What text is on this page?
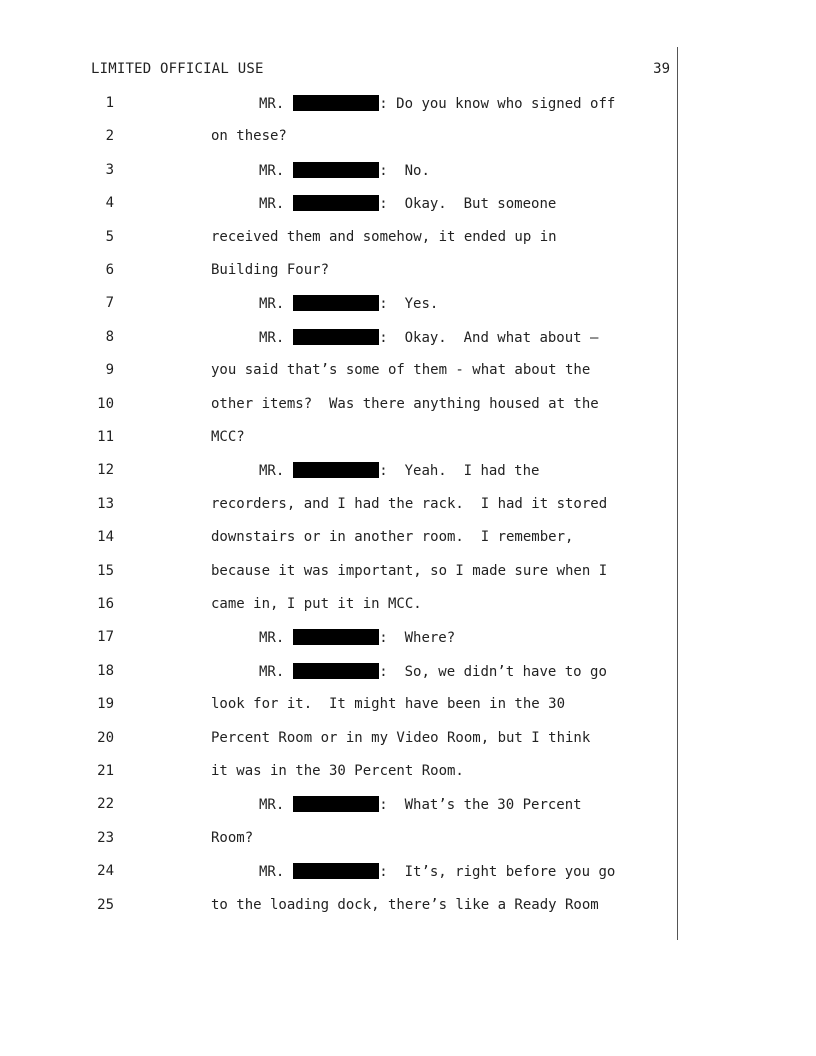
LIMITED OFFICIAL USE	39
1	MR.	: Do you know who signed off
2	on these?
3	MR.	:  No.
4	MR.	:  Okay.  But someone
5	received them and somehow, it ended up in
6	Building Four?
7	MR.	:  Yes.
8	MR.	:  Okay.  And what about –
9	you said that’s some of them - what about the
10	other items?  Was there anything housed at the
11	MCC?
12	MR.	:  Yeah.  I had the
13	recorders, and I had the rack.  I had it stored
14	downstairs or in another room.  I remember,
15	because it was important, so I made sure when I
16	came in, I put it in MCC.
17	MR.	:  Where?
18	MR.	:  So, we didn’t have to go
19	look for it.  It might have been in the 30
20	Percent Room or in my Video Room, but I think
21	it was in the 30 Percent Room.
22	MR.	:  What’s the 30 Percent
23	Room?
24	MR.	:  It’s, right before you go
25	to the loading dock, there’s like a Ready Room
